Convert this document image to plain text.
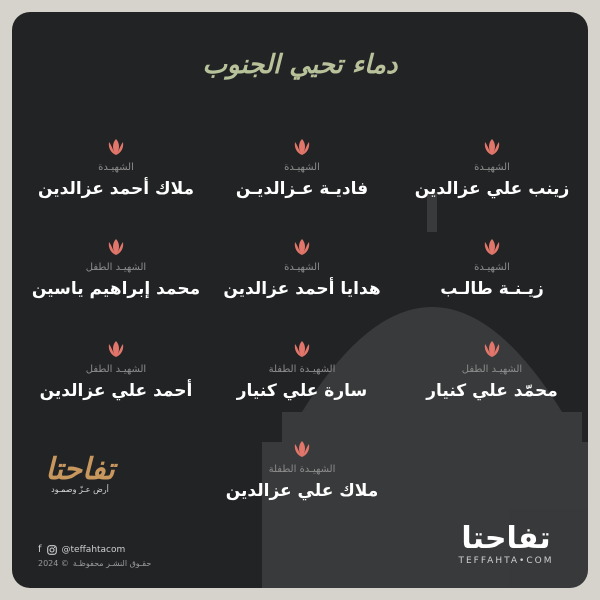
دماء تحيي الجنوب
الشهيـدة
زينب علي عزالدين
الشهيـدة
فاديـة عـزالديـن
الشهيـدة
ملاك أحمد عزالدين
الشهيـدة
زيـنـة طالـب
الشهيـدة
هدايا أحمد عزالدين
الشهيـد الطفل
محمد إبراهيم ياسين
الشهيـد الطفل
محمّد علي كنيار
الشهيـدة الطفلة
سارة علي كنيار
الشهيـد الطفل
أحمد علي عزالدين
الشهيـدة الطفلة
ملاك علي عزالدين
تفاحتا
أرض عـزّ وصمـود
f @teffahtacom
2024 © حقـوق النشـر محفوظـة
تفاحتا
TEFFAHTA•COM
